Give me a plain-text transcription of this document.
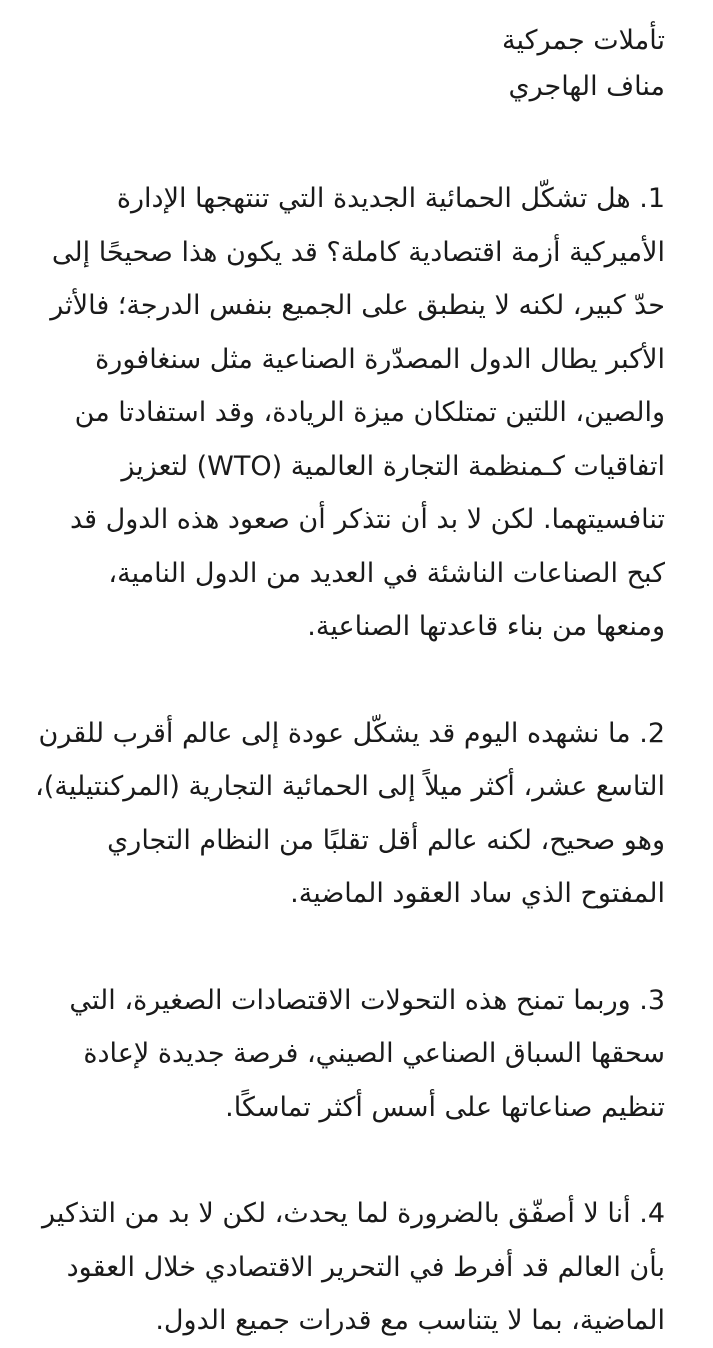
تأملات جمركية

مناف الهاجري

1. هل تشكّل الحمائية الجديدة التي تنتهجها الإدارة
الأميركية أزمة اقتصادية كاملة؟ قد يكون هذا صحيحًا إلى
حدّ كبير، لكنه لا ينطبق على الجميع بنفس الدرجة؛ فالأثر
الأكبر يطال الدول المصدّرة الصناعية مثل سنغافورة
والصين، اللتين تمتلكان ميزة الريادة، وقد استفادتا من
اتفاقيات كـمنظمة التجارة العالمية (WTO) لتعزيز
تنافسيتهما. لكن لا بد أن نتذكر أن صعود هذه الدول قد
كبح الصناعات الناشئة في العديد من الدول النامية،
ومنعها من بناء قاعدتها الصناعية.

2. ما نشهده اليوم قد يشكّل عودة إلى عالم أقرب للقرن
التاسع عشر، أكثر ميلاً إلى الحمائية التجارية (المركنتيلية)،
وهو صحيح، لكنه عالم أقل تقلبًا من النظام التجاري
المفتوح الذي ساد العقود الماضية.

3. وربما تمنح هذه التحولات الاقتصادات الصغيرة، التي
سحقها السباق الصناعي الصيني، فرصة جديدة لإعادة
تنظيم صناعاتها على أسس أكثر تماسكًا.

4. أنا لا أصفّق بالضرورة لما يحدث، لكن لا بد من التذكير
بأن العالم قد أفرط في التحرير الاقتصادي خلال العقود
الماضية، بما لا يتناسب مع قدرات جميع الدول.
